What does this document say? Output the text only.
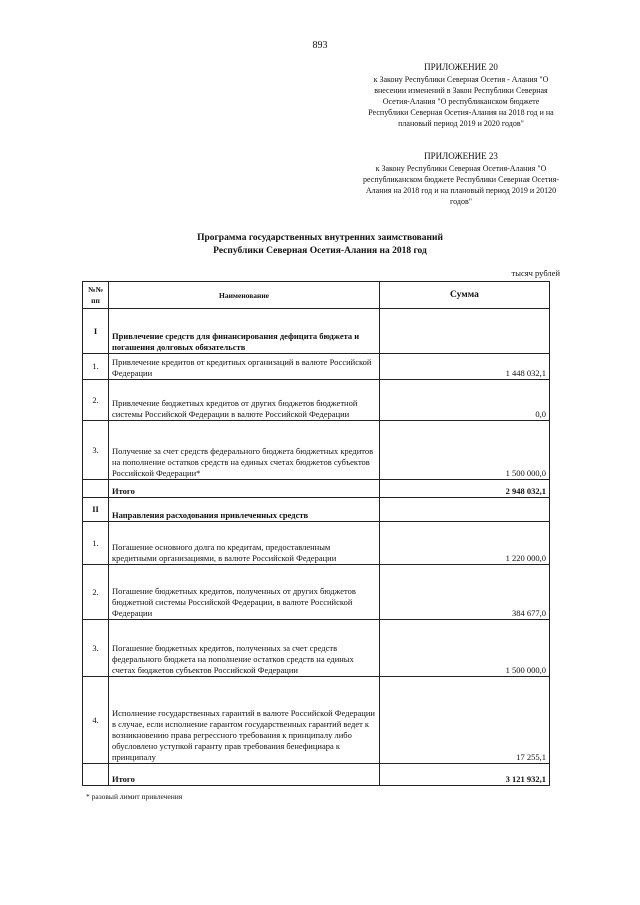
893
ПРИЛОЖЕНИЕ 20
к Закону Республики Северная Осетия - Алания "О внесении изменений в Закон Республики Северная Осетия-Алания "О республиканском бюджете Республики Северная Осетия-Алания на 2018 год и на плановый период 2019 и 2020 годов"
ПРИЛОЖЕНИЕ 23
к Закону Республики Северная Осетия-Алания "О республиканском бюджете Республики Северная Осетия-Алания на 2018 год и на плановый период 2019 и 20120 годов"
Программа государственных внутренних заимствований
Республики Северная Осетия-Алания на 2018 год
тысяч рублей
№№ пп	Наименование	Сумма
I	Привлечение средств для финансирования дефицита бюджета и погашения долговых обязательств	
1.	Привлечение кредитов от кредитных организаций в валюте Российской Федерации	1 448 032,1
2.	Привлечение бюджетных кредитов от других бюджетов бюджетной системы Российской Федерации в валюте Российской Федерации	0,0
3.	Получение за счет средств федерального бюджета бюджетных кредитов на пополнение остатков средств на единых счетах бюджетов субъектов Российской Федерации*	1 500 000,0
	Итого	2 948 032,1
II	Направления расходования привлеченных средств	
1.	Погашение основного долга по кредитам, предоставленным кредитными организациями, в валюте Российской Федерации	1 220 000,0
2.	Погашение бюджетных кредитов, полученных от других бюджетов бюджетной системы Российской Федерации, в валюте Российской Федерации	384 677,0
3.	Погашение бюджетных кредитов, полученных за счет средств федерального бюджета на пополнение остатков средств на единых счетах бюджетов субъектов Российской Федерации	1 500 000,0
4.	Исполнение государственных гарантий в валюте Российской Федерации в случае, если исполнение гарантом государственных гарантий ведет к возникновению права регрессного требования к принципалу либо обусловлено уступкой гаранту прав требования бенефициара к принципалу	17 255,1
	Итого	3 121 932,1
* разовый лимит привлечения
